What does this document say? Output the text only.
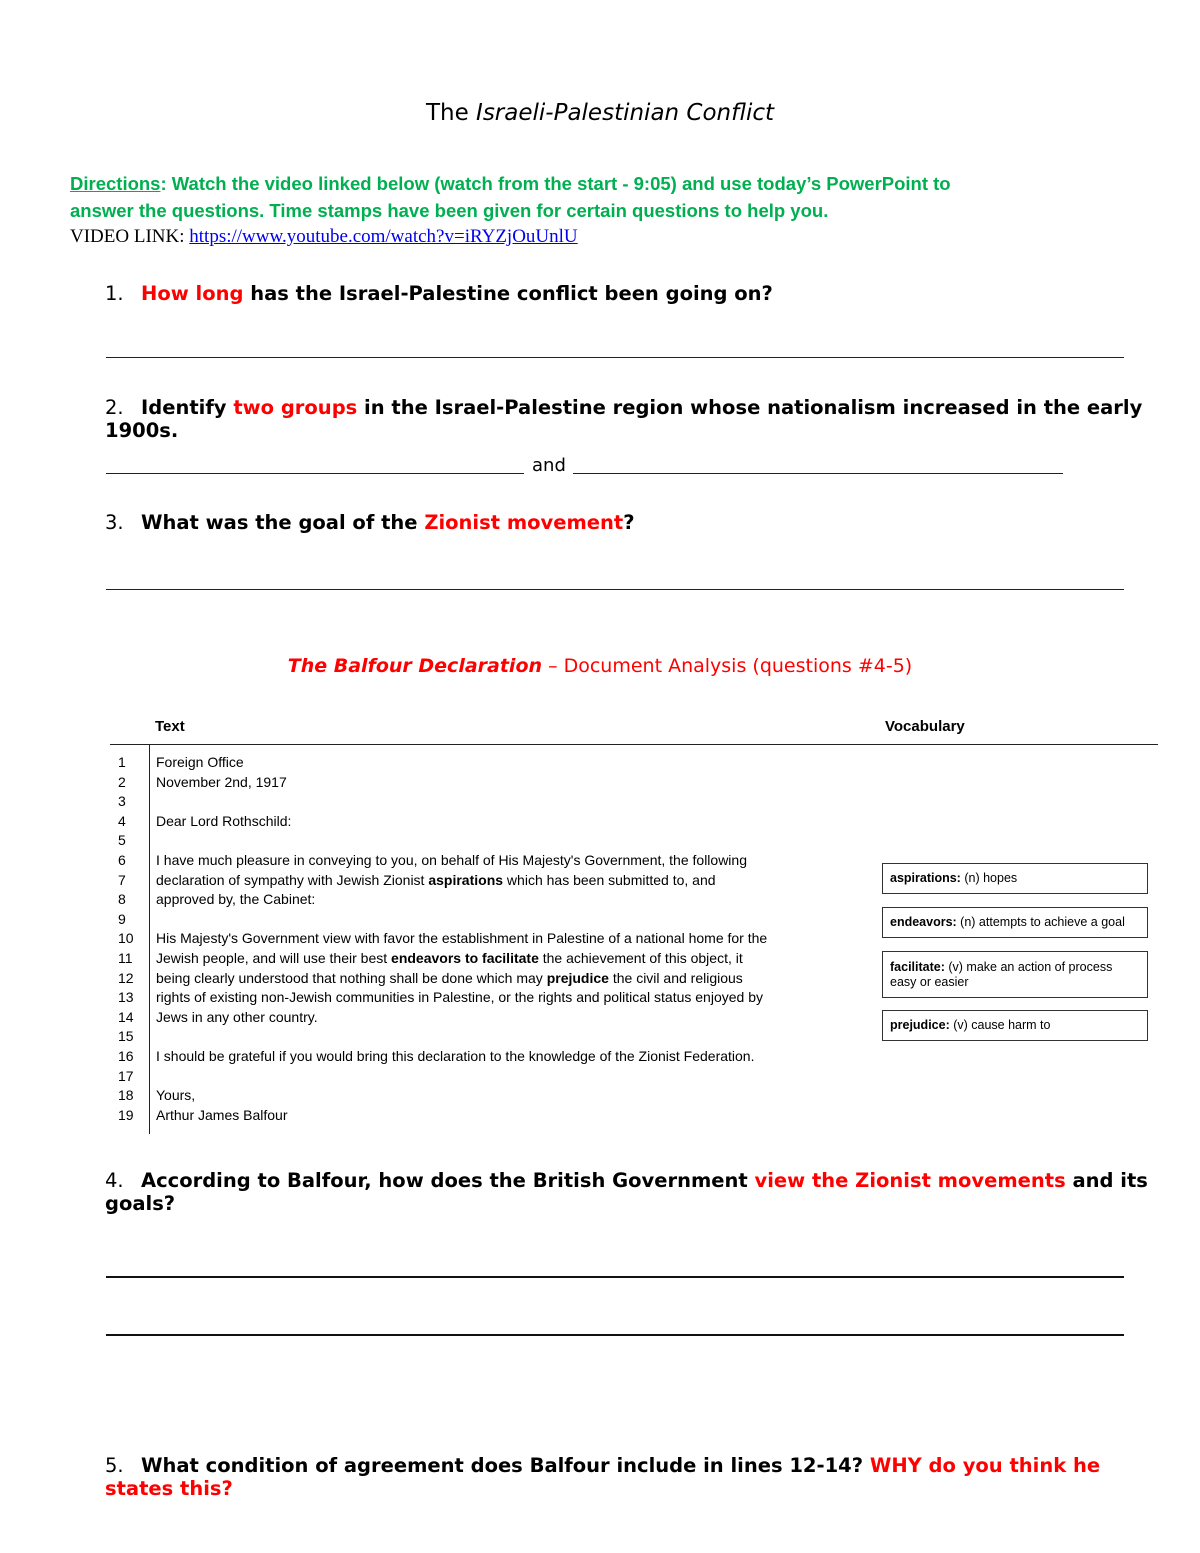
The Israeli-Palestinian Conflict
Directions: Watch the video linked below (watch from the start - 9:05) and use today’s PowerPoint to
answer the questions. Time stamps have been given for certain questions to help you.
VIDEO LINK: https://www.youtube.com/watch?v=iRYZjOuUnlU
1. How long has the Israel-Palestine conflict been going on?
2. Identify two groups in the Israel-Palestine region whose nationalism increased in the early 1900s.
and
3. What was the goal of the Zionist movement?
The Balfour Declaration – Document Analysis (questions #4-5)
Text	Vocabulary
1
2
3
4
5
6
7
8
9
10
11
12
13
14
15
16
17
18
19
Foreign Office
November 2nd, 1917
Dear Lord Rothschild:
I have much pleasure in conveying to you, on behalf of His Majesty's Government, the following
declaration of sympathy with Jewish Zionist aspirations which has been submitted to, and
approved by, the Cabinet:
His Majesty's Government view with favor the establishment in Palestine of a national home for the
Jewish people, and will use their best endeavors to facilitate the achievement of this object, it
being clearly understood that nothing shall be done which may prejudice the civil and religious
rights of existing non-Jewish communities in Palestine, or the rights and political status enjoyed by
Jews in any other country.
I should be grateful if you would bring this declaration to the knowledge of the Zionist Federation.
Yours,
Arthur James Balfour
aspirations: (n) hopes
endeavors: (n) attempts to achieve a goal
facilitate: (v) make an action of process easy or easier
prejudice: (v) cause harm to
4. According to Balfour, how does the British Government view the Zionist movements and its goals?
5. What condition of agreement does Balfour include in lines 12-14? WHY do you think he states this?
